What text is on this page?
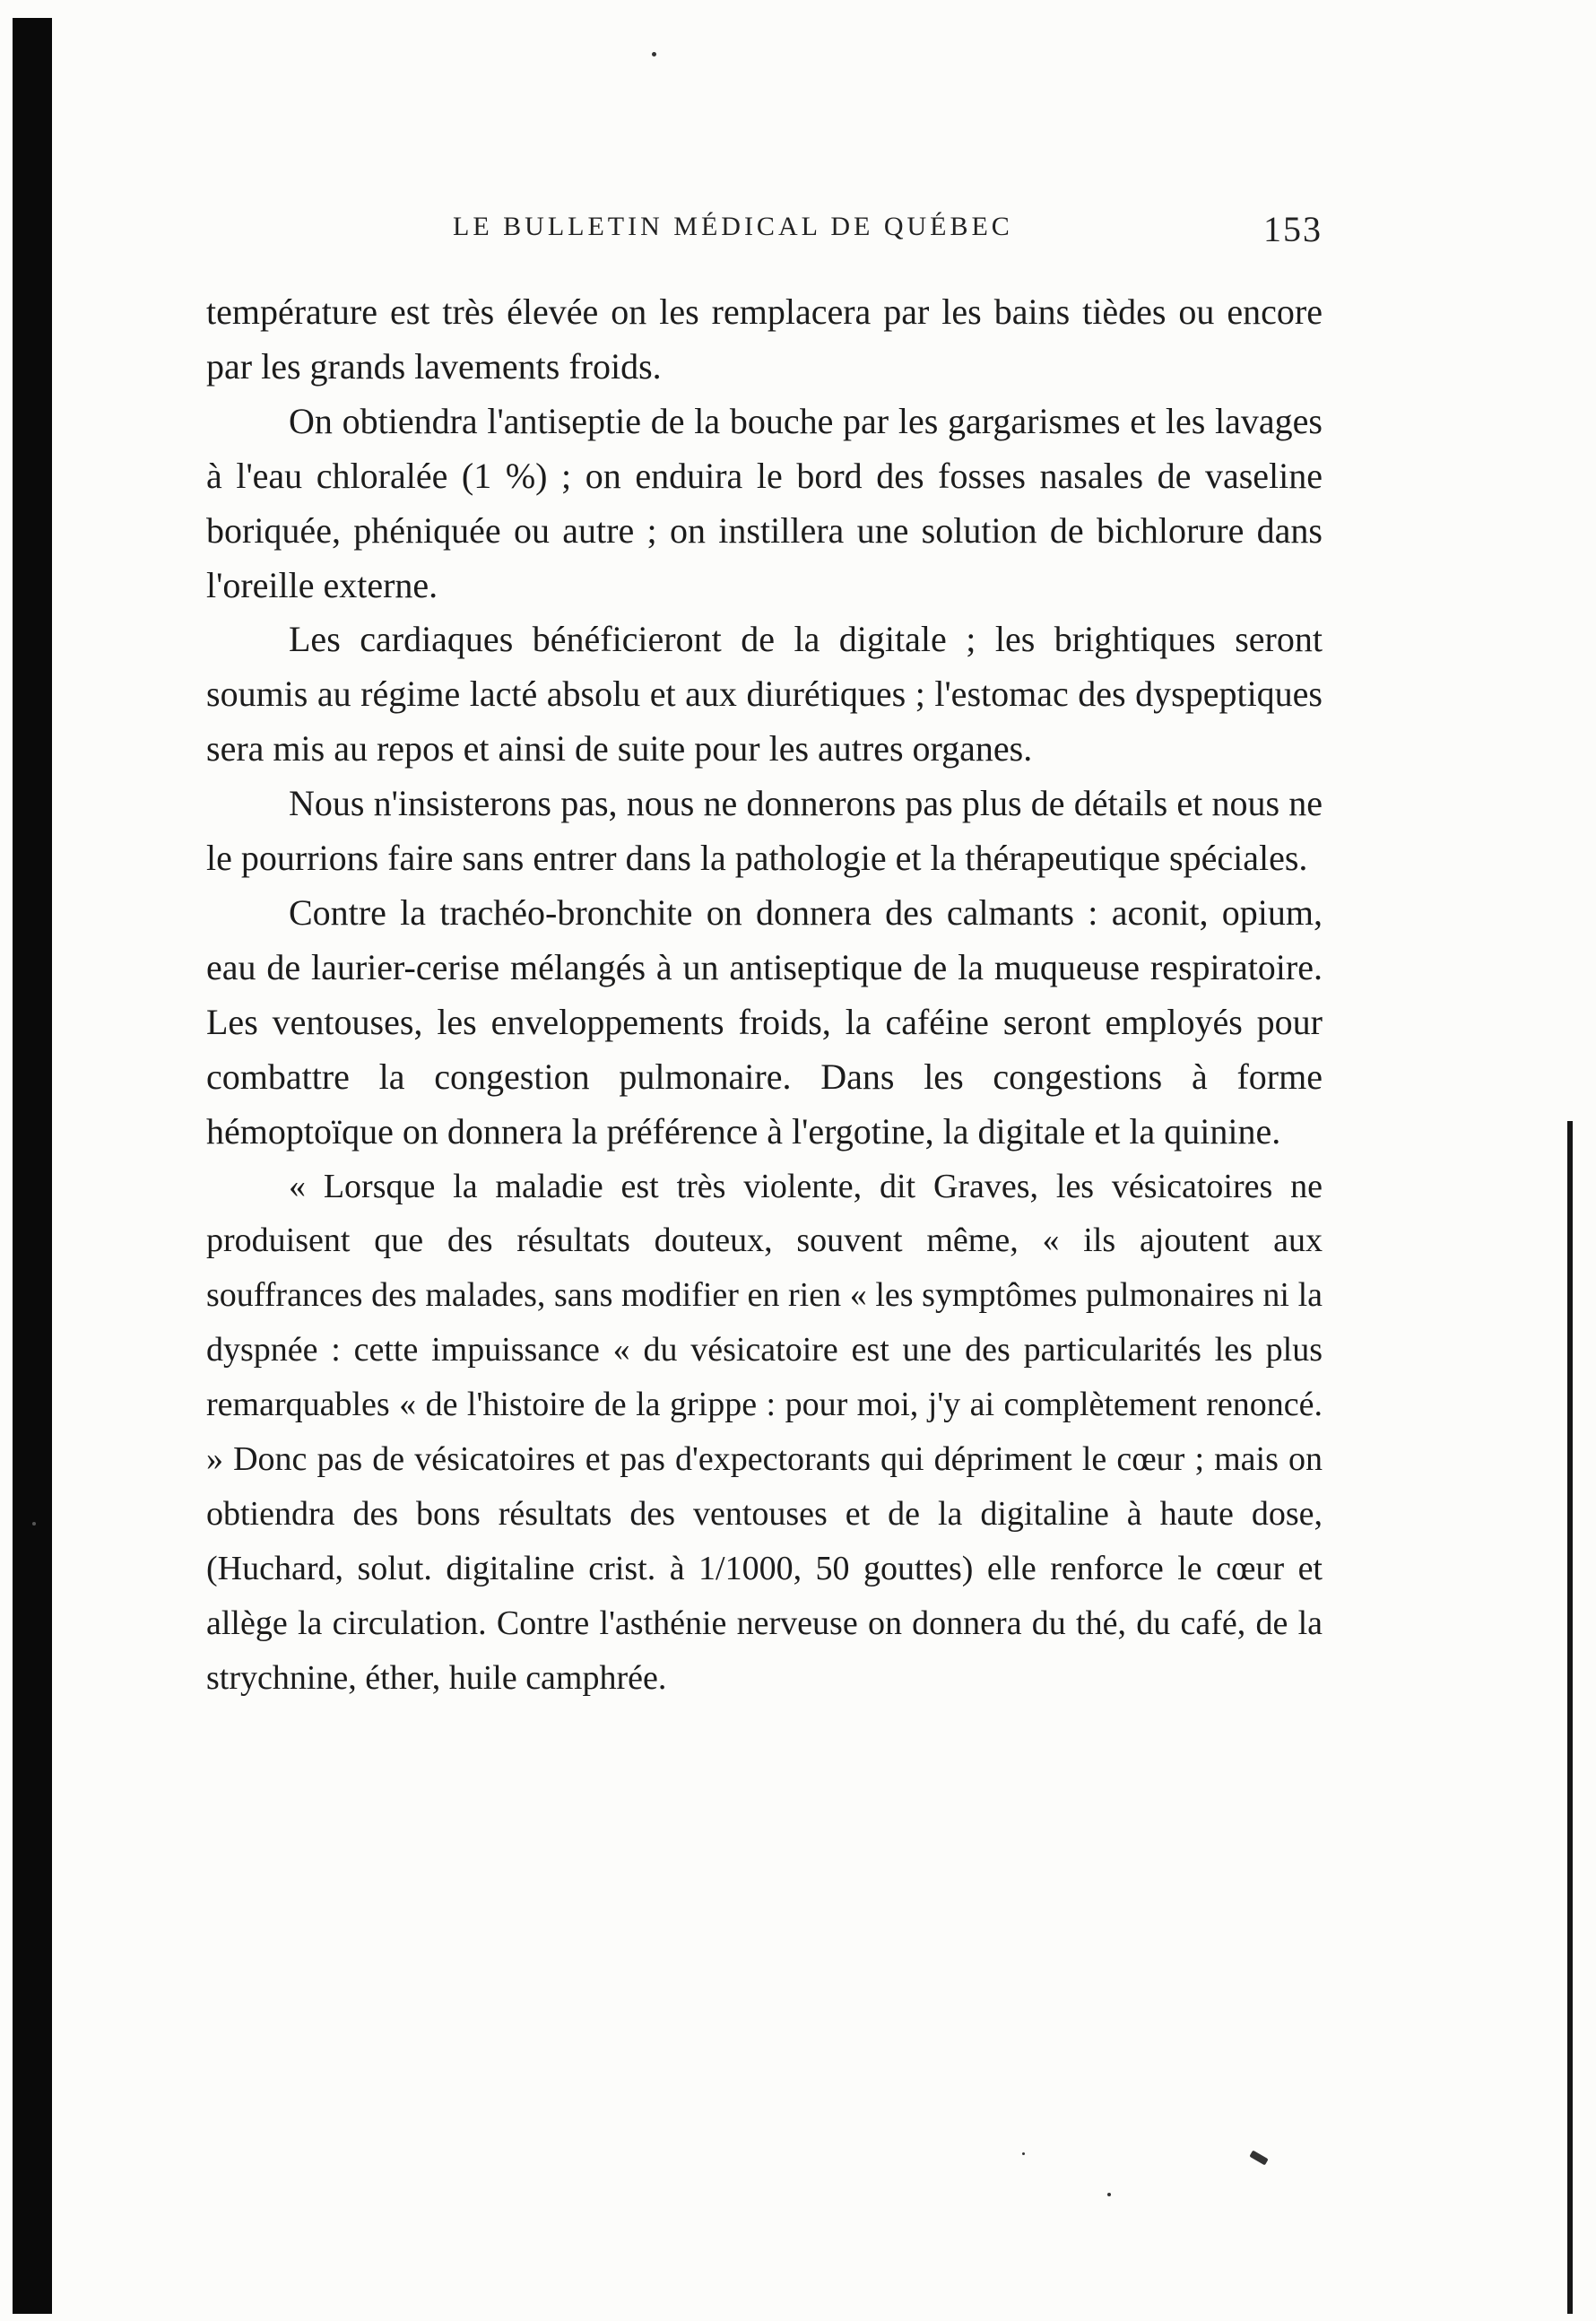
LE BULLETIN MÉDICAL DE QUÉBEC	153

température est très élevée on les remplacera par les bains tièdes ou encore par les grands lavements froids.

On obtiendra l'antiseptie de la bouche par les gargarismes et les lavages à l'eau chloralée (1 %) ; on enduira le bord des fosses nasales de vaseline boriquée, phéniquée ou autre ; on instillera une solution de bichlorure dans l'oreille externe.

Les cardiaques bénéficieront de la digitale ; les brightiques seront soumis au régime lacté absolu et aux diurétiques ; l'estomac des dyspeptiques sera mis au repos et ainsi de suite pour les autres organes.

Nous n'insisterons pas, nous ne donnerons pas plus de détails et nous ne le pourrions faire sans entrer dans la pathologie et la thérapeutique spéciales.

Contre la trachéo-bronchite on donnera des calmants : aconit, opium, eau de laurier-cerise mélangés à un antiseptique de la muqueuse respiratoire. Les ventouses, les enveloppements froids, la caféine seront employés pour combattre la congestion pulmonaire. Dans les congestions à forme hémoptoïque on donnera la préférence à l'ergotine, la digitale et la quinine.

« Lorsque la maladie est très violente, dit Graves, les vésicatoires ne produisent que des résultats douteux, souvent même, « ils ajoutent aux souffrances des malades, sans modifier en rien « les symptômes pulmonaires ni la dyspnée : cette impuissance « du vésicatoire est une des particularités les plus remarquables « de l'histoire de la grippe : pour moi, j'y ai complètement renoncé. » Donc pas de vésicatoires et pas d'expectorants qui dépriment le cœur ; mais on obtiendra des bons résultats des ventouses et de la digitaline à haute dose, (Huchard, solut. digitaline crist. à 1/1000, 50 gouttes) elle renforce le cœur et allège la circulation. Contre l'asthénie nerveuse on donnera du thé, du café, de la strychnine, éther, huile camphrée.
